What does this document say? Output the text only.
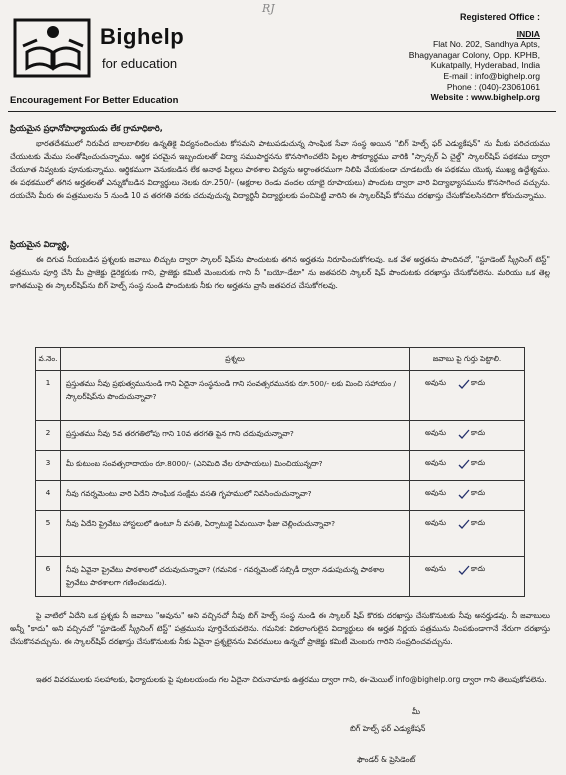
Bighelp
for education
Encouragement For Better Education
RJ
Registered Office :
INDIA
Flat No. 202, Sandhya Apts,
Bhagyanagar Colony, Opp. KPHB,
Kukatpally, Hyderabad, India
E-mail : info@bighelp.org
Phone : (040)-23061061
Website : www.bighelp.org
ప్రియమైన ప్రధానోపాధ్యాయుడు లేక గ్రామాధికారి,
భారతదేశములో నిరుపేద బాలబాలికల ఉన్నతికై విద్యనందించుట కోసమని పాటుపడుచున్న సాంఘిక సేవా సంస్థ అయిన "బిగ్ హెల్ప్ ఫర్ ఎడ్యుకేషన్" ను మీకు పరిచయము చేయుటకు మేము సంతోషించుచున్నాము. ఆర్థిక పరమైన ఇబ్బందులతో విద్యా సముపార్జనను కొనసాగించలేని పిల్లల సౌకర్యార్థము వారికి "స్పాన్సర్ ఏ చైల్డ్" స్కాలర్‌షిప్ పథకము ద్వారా చేయూత నివ్వటకు పూనుకున్నాము. ఆర్థికముగా వెనుకబడిన లేక అనాథ పిల్లలు పాఠశాల విద్యను అర్ధాంతరముగా నిలిపి వేయకుండా చూడటయే ఈ పథకము యొక్క ముఖ్య ఉద్దేశ్యము. ఈ పథకములో తగిన అర్హతలతో ఎన్నుకోబడిన విద్యార్థులు నెలకు రూ.250/- (అక్షరాల రెండు వందల యాభై రూపాయలు) పొందుట ద్వారా వారి విద్యాభ్యాసమును కొనసాగించ వచ్చును. దయచేసి మీరు ఈ పత్రములను 5 నుండి 10 వ తరగతి వరకు చదువుచున్న విద్యార్థినీ విద్యార్థులకు పంచిపెట్టి వారిని ఈ స్కాలర్‌షిప్ కోసము దరఖాస్తు చేసుకోవలసినదిగా కోరుచున్నాము.
ప్రియమైన విద్యార్థి,
ఈ దిగువ నీయబడిన ప్రశ్నలకు జవాబు లిచ్చుట ద్వారా స్కాలర్ షిప్‌ను పొందుటకు తగిన అర్హతను నిరూపించుకోగలవు. ఒక వేళ అర్హతను పొందినచో, "స్టూడెంట్ స్క్రీనింగ్ టెస్ట్" పత్రమును పూర్తి చేసి మీ ప్రాజెక్టు డైరెక్టరుకు గాని, ప్రాజెక్టు కమిటీ మెంబరుకు గాని నీ "బయో-డేటా" ను జతపరచి స్కాలర్ షిప్ పొందుటకు దరఖాస్తు చేసుకోవలెను. మరియు ఒక తెల్ల కాగితముపై ఈ స్కాలర్‌షిప్‌ను బిగ్ హెల్ప్ సంస్థ నుండి పొందుటకు నీకు గల అర్హతను వ్రాసి జతపరచ చేసుకోగలవు.
వ.నెం.	ప్రశ్నలు	జవాబు పై గుర్తు పెట్టాలి.
1	ప్రస్తుతము నీవు ప్రభుత్వమునుండి గాని ఏదైనా సంస్థనుండి గాని సంవత్సరమునకు రూ.500/- లకు మించి సహాయం / స్కాలర్‌షిప్‌ను పొందుచున్నావా?	అవును కాదు

2	ప్రస్తుతము నీవు 5వ తరగతిలోపు గాని 10వ తరగతి పైన గాని చదువుచున్నావా?	అవును కాదు

3	మీ కుటుంబ సంవత్సరాదాయం రూ.8000/- (ఎనిమిది వేల రూపాయలు) మించియున్నదా?	అవును కాదు

4	నీవు గవర్నమెంటు వారి ఏదేని సాంఘిక సంక్షేమ వసతి గృహములో నివసించుచున్నావా?	అవును కాదు

5	నీవు ఏదేని ప్రైవేటు హాస్టలులో ఉంటూ నీ వసతి, ఏర్పాటుకై ఏమయినా ఫీజు చెల్లించుచున్నావా?	అవును కాదు

6	నీవు ఏవైనా ప్రైవేటు పాఠశాలలో చదువుచున్నావా? (గమనిక - గవర్నమెంట్ సబ్సిడీ ద్వారా నడుపుచున్న పాఠశాల ప్రైవేటు పాఠశాలగా గణించబడదు).	అవును కాదు
పై వాటిలో ఏదేని ఒక ప్రశ్నకు నీ జవాబు "అవును" అని వచ్చినచో నీవు బిగ్ హెల్ప్ సంస్థ నుండి ఈ స్కాలర్ షిప్ కొరకు దరఖాస్తు చేసుకొనుటకు నీవు అనర్హుడవు. నీ జవాబులు అన్నీ "కాదు" అని వచ్చినచో "స్టూడెంట్ స్క్రీనింగ్ టెస్ట్" పత్రమును పూర్తిచేయవలెను. గమనిక: వికలాంగులైన విద్యార్థులు ఈ అర్హత నిర్ణయ పత్రమును నింపకుండాగానే నేరుగా దరఖాస్తు చేసుకొనవచ్చును. ఈ స్కాలర్‌షిప్ దరఖాస్తు చేసుకొనుటకు నీకు ఏవైనా ప్రశ్నలైనను వివరములు ఉన్నచో ప్రాజెక్టు కమిటీ మెంబరు గారిని సంప్రదించవచ్చును.
ఇతర వివరములకు సలహాలకు, ఫిర్యాదులకు పై పుటలయందు గల ఏదైనా చిరునామాకు ఉత్తరము ద్వారా గాని, ఈ-మెయిల్ info@bighelp.org ద్వారా గాని తెలుపుకోవలెను.
మీ
బిగ్ హెల్ప్ ఫర్ ఎడ్యుకేషన్
ఫౌండర్ & ప్రెసిడెంట్
